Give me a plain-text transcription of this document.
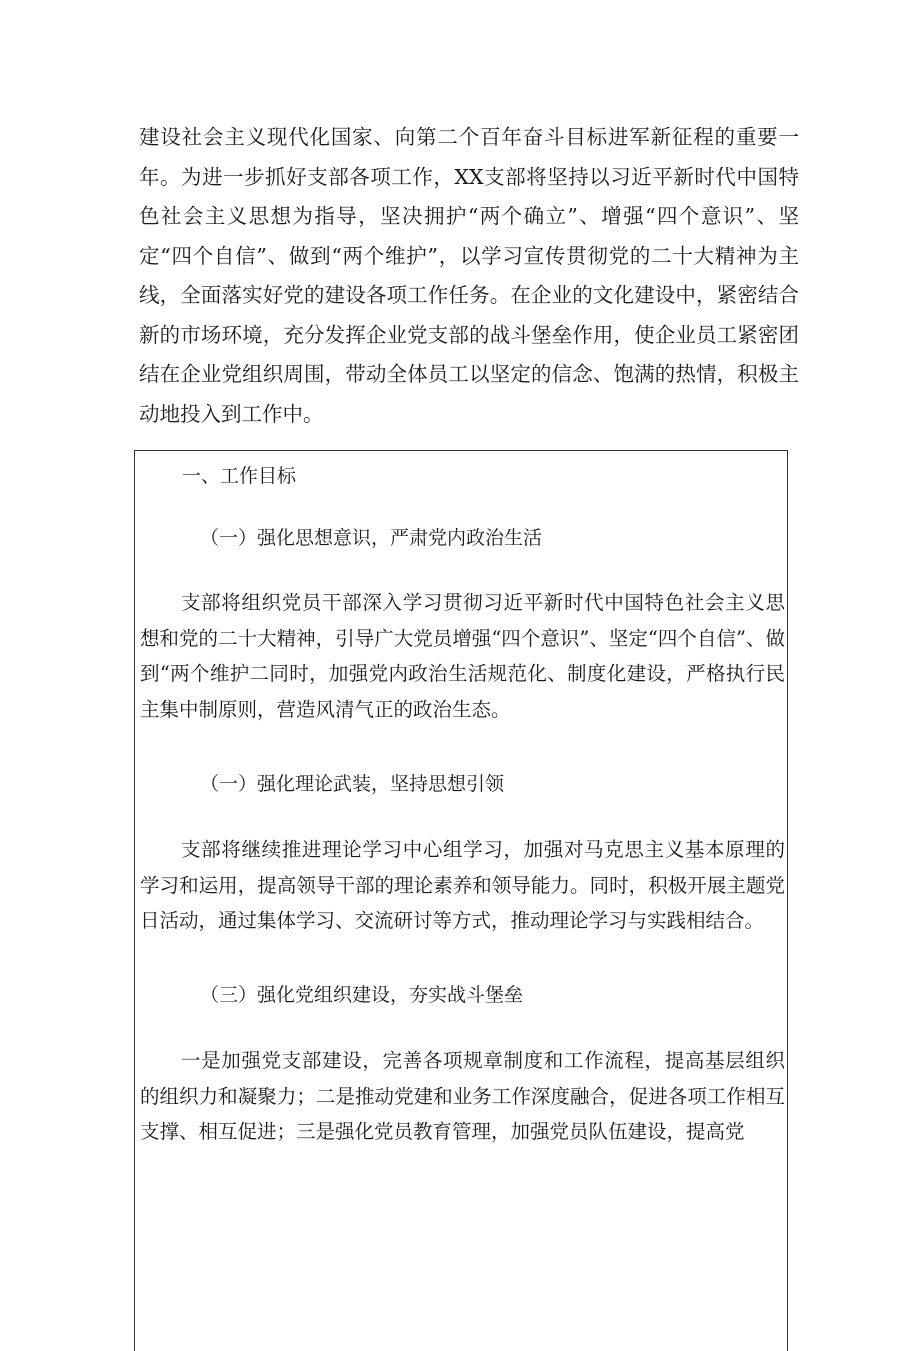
建设社会主义现代化国家、向第二个百年奋斗目标进军新征程的重要一年。为进一步抓好支部各项工作，XX支部将坚持以习近平新时代中国特色社会主义思想为指导，坚决拥护“两个确立”、增强“四个意识”、坚定“四个自信”、做到“两个维护”，以学习宣传贯彻党的二十大精神为主线，全面落实好党的建设各项工作任务。在企业的文化建设中，紧密结合新的市场环境，充分发挥企业党支部的战斗堡垒作用，使企业员工紧密团结在企业党组织周围，带动全体员工以坚定的信念、饱满的热情，积极主动地投入到工作中。

一、工作目标

（一）强化思想意识，严肃党内政治生活

支部将组织党员干部深入学习贯彻习近平新时代中国特色社会主义思想和党的二十大精神，引导广大党员增强“四个意识”、坚定“四个自信”、做到“两个维护二同时，加强党内政治生活规范化、制度化建设，严格执行民主集中制原则，营造风清气正的政治生态。

（一）强化理论武装，坚持思想引领

支部将继续推进理论学习中心组学习，加强对马克思主义基本原理的学习和运用，提高领导干部的理论素养和领导能力。同时，积极开展主题党日活动，通过集体学习、交流研讨等方式，推动理论学习与实践相结合。

（三）强化党组织建设，夯实战斗堡垒

一是加强党支部建设，完善各项规章制度和工作流程，提高基层组织的组织力和凝聚力；二是推动党建和业务工作深度融合，促进各项工作相互支撑、相互促进；三是强化党员教育管理，加强党员队伍建设，提高党
